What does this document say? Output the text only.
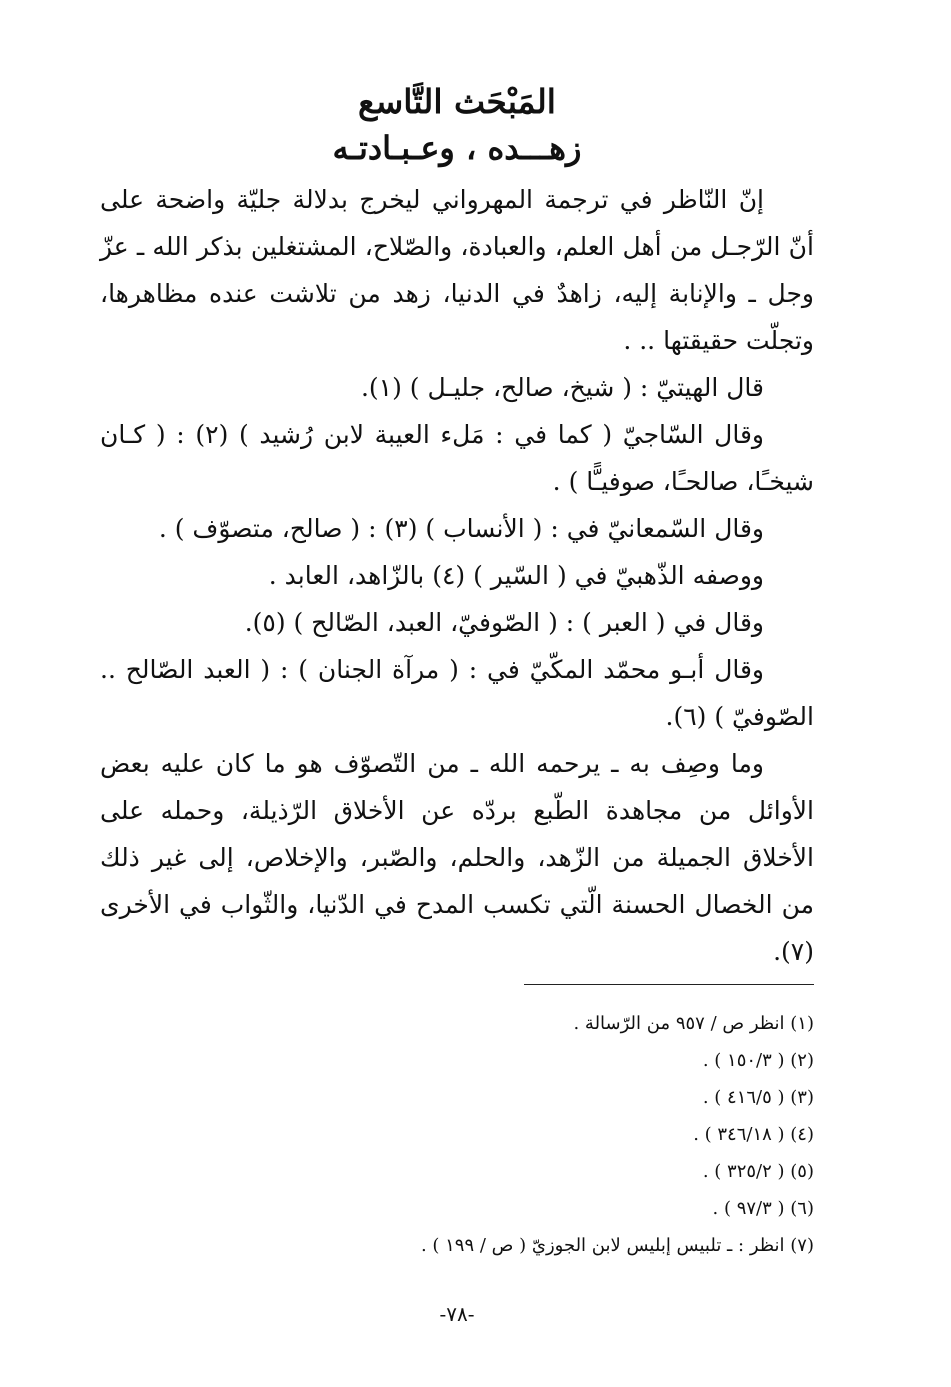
المَبْحَث التَّاسع
زهـــده ، وعـبـادتـه

إنّ النّاظر في ترجمة المهرواني ليخرج بدلالة جليّة واضحة على أنّ الرّجـل من أهل العلم، والعبادة، والصّلاح، المشتغلين بذكر الله ـ عزّ وجل ـ والإنابة إليه، زاهدٌ في الدنيا، زهد من تلاشت عنده مظاهرها، وتجلّت حقيقتها .. .

قال الهيتيّ : ( شيخ، صالح، جليـل ) (١).

وقال السّاجيّ ( كما في : مَلء العيبة لابن رُشيد ) (٢) : ( كـان شيخـًا، صالحـًا، صوفيـًّا ) .

وقال السّمعانيّ في : ( الأنساب ) (٣) : ( صالح، متصوّف ) .

ووصفه الذّهبيّ في ( السّير ) (٤) بالزّاهد، العابد .

وقال في ( العبر ) : ( الصّوفيّ، العبد، الصّالح ) (٥).

وقال أبـو محمّد المكّيّ في : ( مرآة الجنان ) : ( العبد الصّالح .. الصّوفيّ ) (٦).

وما وصِف به ـ يرحمه الله ـ من التّصوّف هو ما كان عليه بعض الأوائل من مجاهدة الطّبع بردّه عن الأخلاق الرّذيلة، وحمله على الأخلاق الجميلة من الزّهد، والحلم، والصّبر، والإخلاص، إلى غير ذلك من الخصال الحسنة الّتي تكسب المدح في الدّنيا، والثّواب في الأخرى (٧).

(١) انظر ص / ٩٥٧ من الرّسالة .
(٢) ( ١٥٠/٣ ) .
(٣) ( ٤١٦/٥ ) .
(٤) ( ٣٤٦/١٨ ) .
(٥) ( ٣٢٥/٢ ) .
(٦) ( ٩٧/٣ ) .
(٧) انظر : ـ تلبيس إبليس لابن الجوزيّ ( ص / ١٩٩ ) .
-٧٨-
